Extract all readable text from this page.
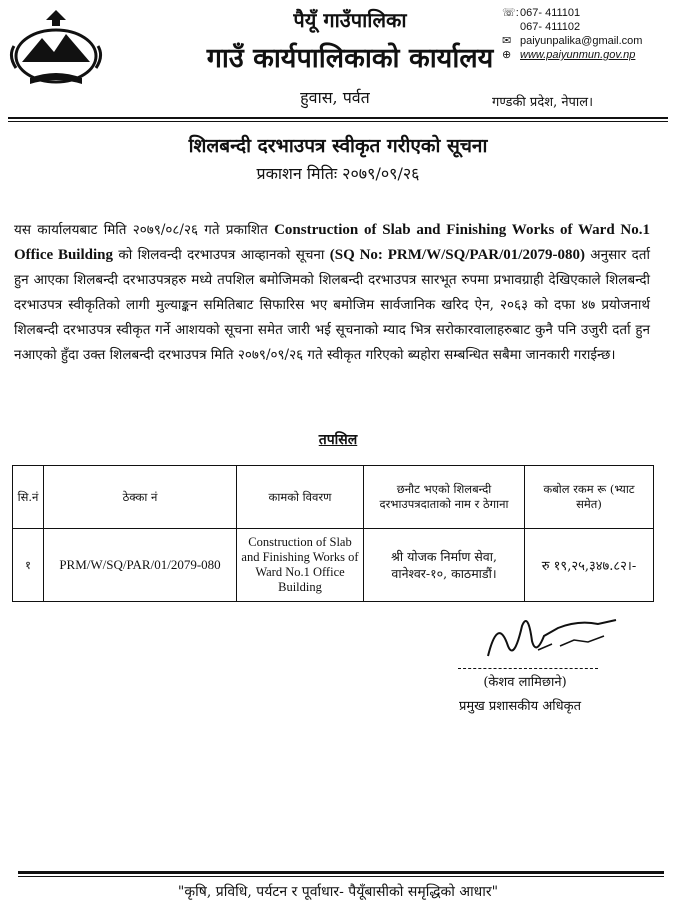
पैयूँ गाउँपालिका
गाउँ कार्यपालिकाको कार्यालय
हुवास, पर्वत
☏: 067- 411101
067- 411102
✉ paiyunpalika@gmail.com
⊕ www.paiyunmun.gov.np
गण्डकी प्रदेश, नेपाल।
शिलबन्दी दरभाउपत्र स्वीकृत गरीएको सूचना
प्रकाशन मितिः २०७९/०९/२६
यस कार्यालयबाट मिति २०७९/०८/२६ गते प्रकाशित Construction of Slab and Finishing Works of Ward No.1 Office Building को शिलवन्दी दरभाउपत्र आव्हानको सूचना (SQ No: PRM/W/SQ/PAR/01/2079-080) अनुसार दर्ता हुन आएका शिलबन्दी दरभाउपत्रहरु मध्ये तपशिल बमोजिमको शिलबन्दी दरभाउपत्र सारभूत रुपमा प्रभावग्राही देखिएकाले शिलबन्दी दरभाउपत्र स्वीकृतिको लागी मुल्याङ्कन समितिबाट सिफारिस भए बमोजिम सार्वजानिक खरिद ऐन, २०६३ को दफा ४७ प्रयोजनार्थ शिलबन्दी दरभाउपत्र स्वीकृत गर्ने आशयको सूचना समेत जारी भई सूचनाको म्याद भित्र सरोकारवालाहरुबाट कुनै पनि उजुरी दर्ता हुन नआएको हुँदा उक्त शिलबन्दी दरभाउपत्र मिति २०७९/०९/२६ गते स्वीकृत गरिएको ब्यहोरा सम्बन्धित सबैमा जानकारी गराईन्छ।
तपसिल
सि.नं	ठेक्का नं	कामको विवरण	छनौट भएको शिलबन्दी दरभाउपत्रदाताको नाम र ठेगाना	कबोल रकम रू (भ्याट समेत)
१	PRM/W/SQ/PAR/01/2079-080	Construction of Slab and Finishing Works of Ward No.1 Office Building	श्री योजक निर्माण सेवा, वानेश्वर-१०, काठमाडौं।	रु १९,२५,३४७.८२।-
(केशव लामिछाने)
प्रमुख प्रशासकीय अधिकृत
"कृषि, प्रविधि, पर्यटन र पूर्वाधार- पैयूँबासीको समृद्धिको आधार"
